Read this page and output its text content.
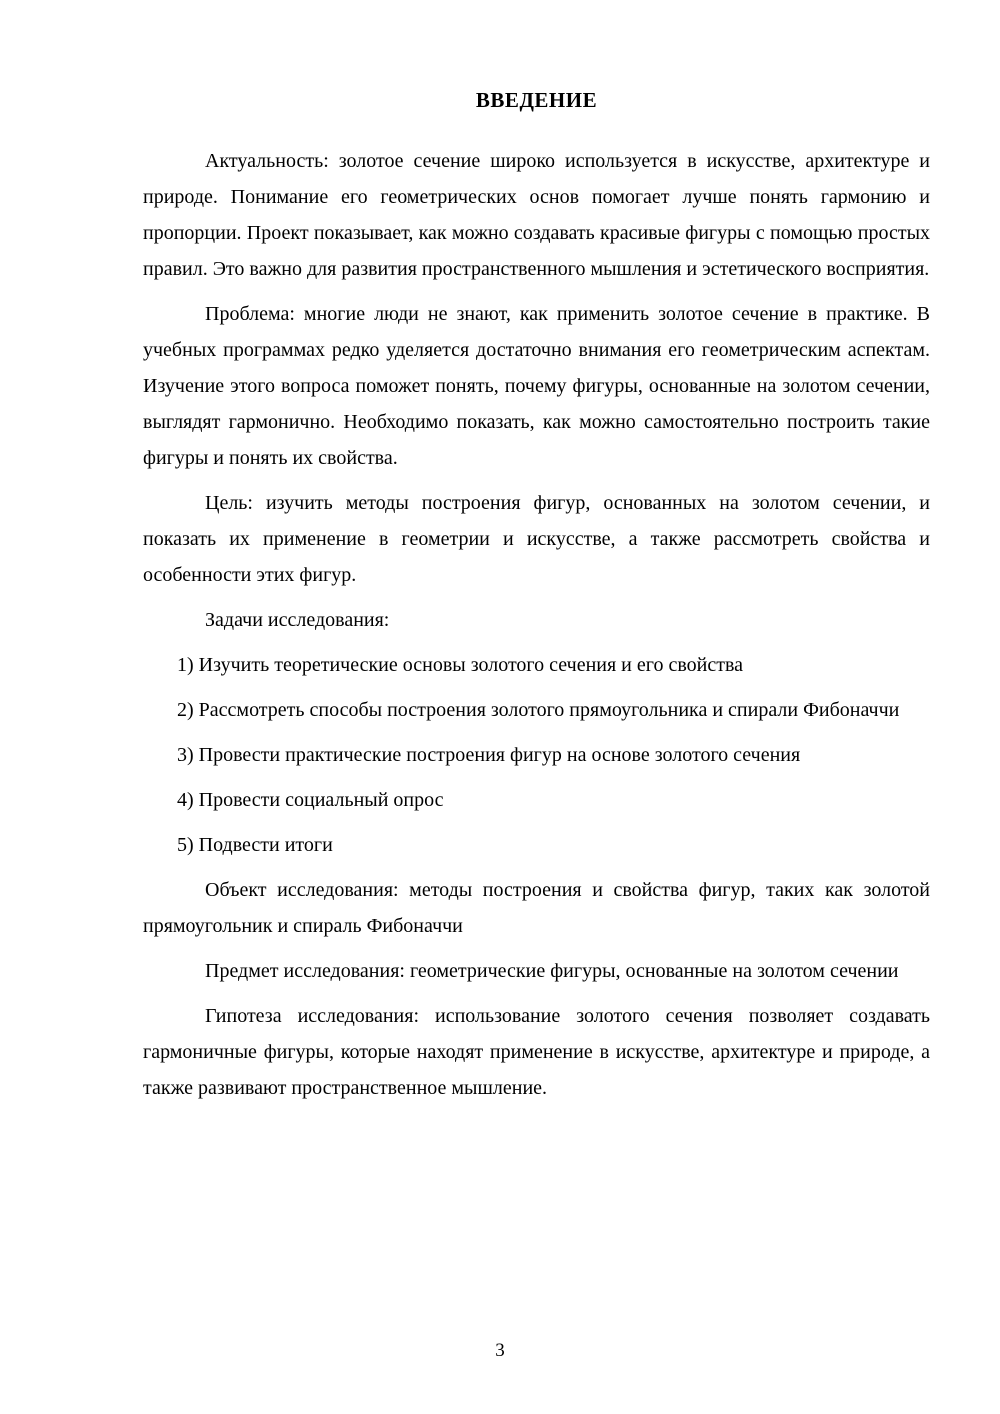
ВВЕДЕНИЕ

Актуальность: золотое сечение широко используется в искусстве, архитектуре и природе. Понимание его геометрических основ помогает лучше понять гармонию и пропорции. Проект показывает, как можно создавать красивые фигуры с помощью простых правил. Это важно для развития пространственного мышления и эстетического восприятия.

Проблема: многие люди не знают, как применить золотое сечение в практике. В учебных программах редко уделяется достаточно внимания его геометрическим аспектам. Изучение этого вопроса поможет понять, почему фигуры, основанные на золотом сечении, выглядят гармонично. Необходимо показать, как можно самостоятельно построить такие фигуры и понять их свойства.

Цель: изучить методы построения фигур, основанных на золотом сечении, и показать их применение в геометрии и искусстве, а также рассмотреть свойства и особенности этих фигур.

Задачи исследования:

1) Изучить теоретические основы золотого сечения и его свойства

2) Рассмотреть способы построения золотого прямоугольника и спирали Фибоначчи

3) Провести практические построения фигур на основе золотого сечения

4) Провести социальный опрос

5) Подвести итоги

Объект исследования: методы построения и свойства фигур, таких как золотой прямоугольник и спираль Фибоначчи

Предмет исследования: геометрические фигуры, основанные на золотом сечении

Гипотеза исследования: использование золотого сечения позволяет создавать гармоничные фигуры, которые находят применение в искусстве, архитектуре и природе, а также развивают пространственное мышление.

3
